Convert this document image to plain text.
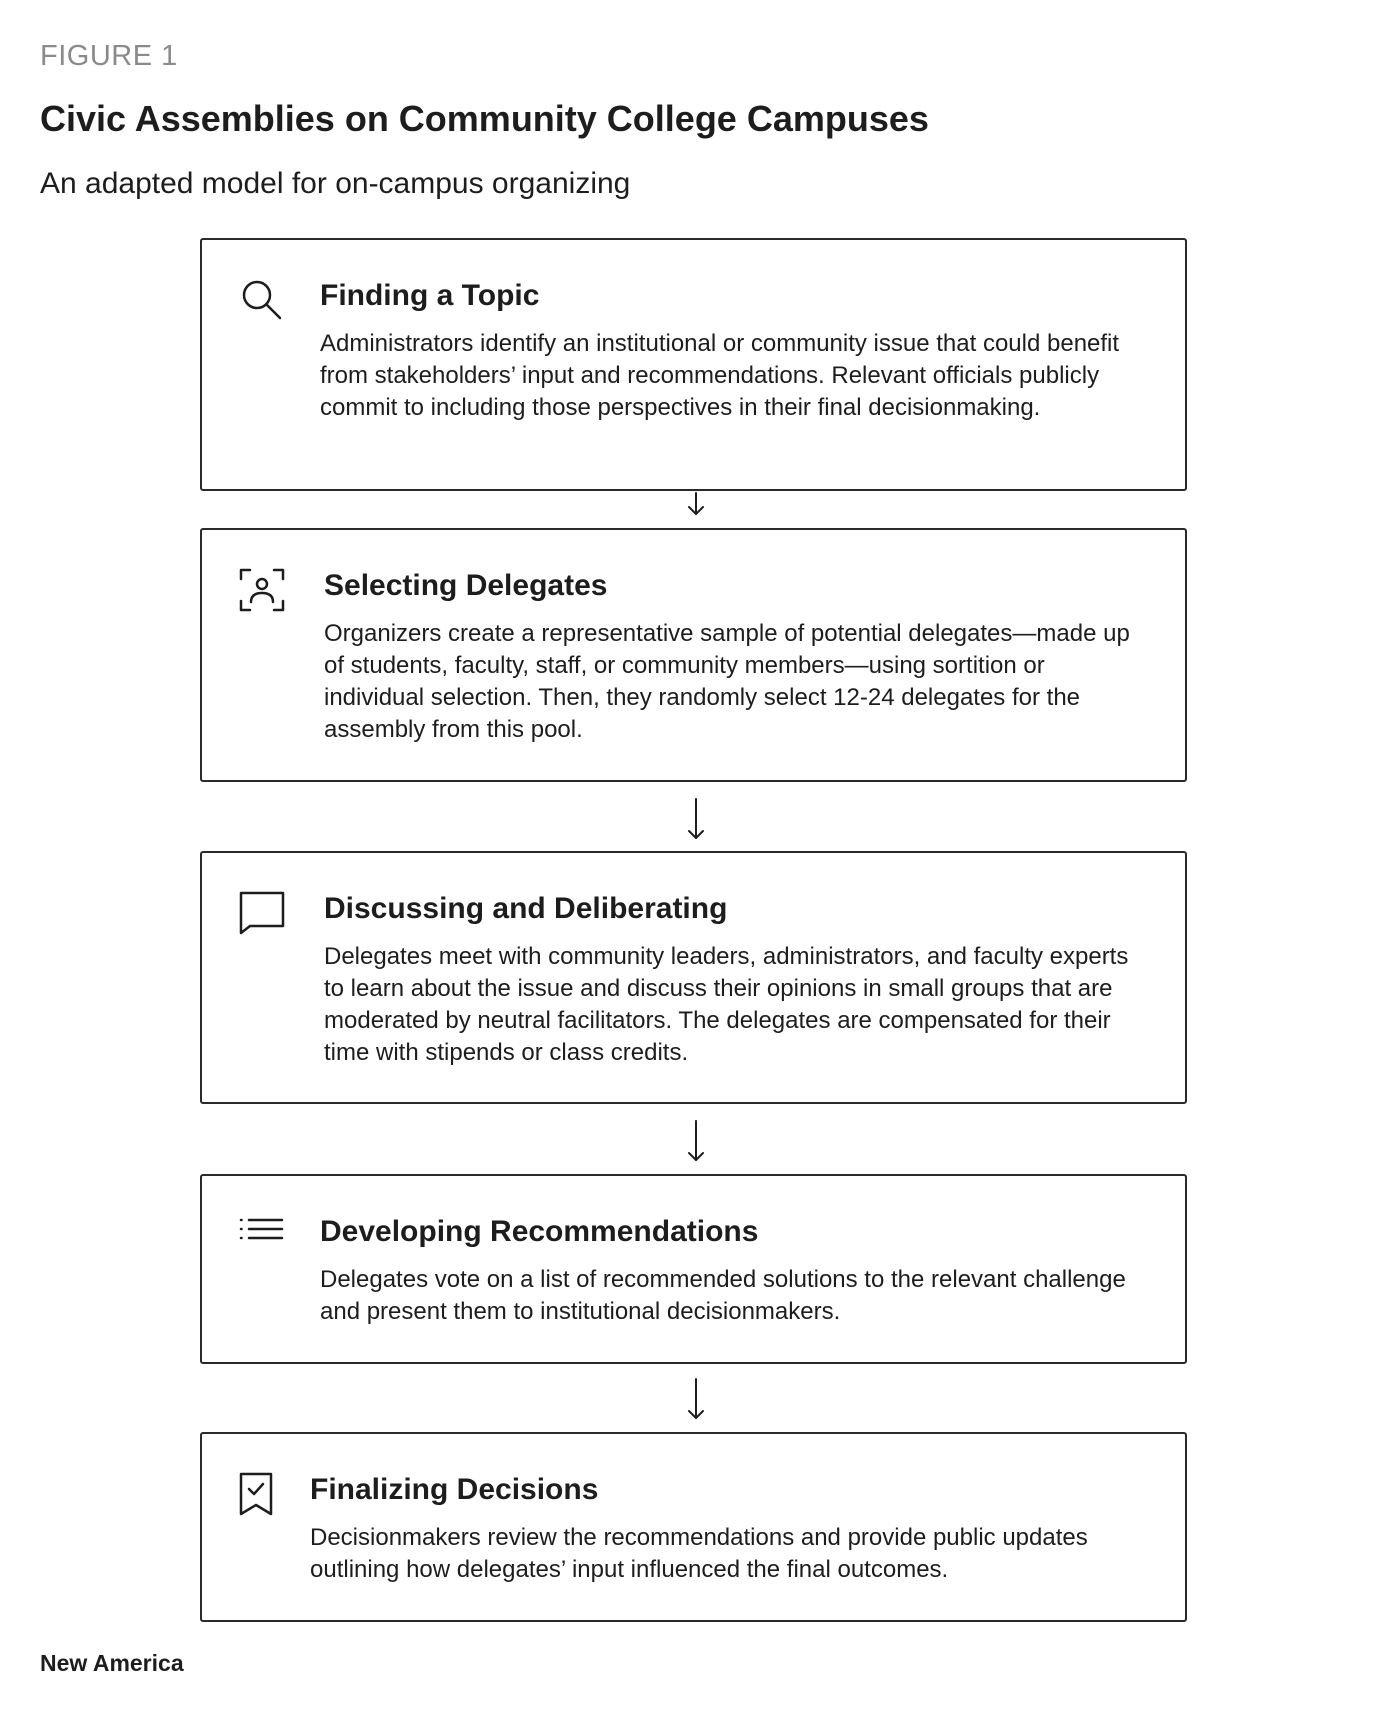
FIGURE 1
Civic Assemblies on Community College Campuses
An adapted model for on-campus organizing
Finding a Topic

Administrators identify an institutional or community issue that could benefit from stakeholders’ input and recommendations. Relevant officials publicly commit to including those perspectives in their final decisionmaking.

Selecting Delegates

Organizers create a representative sample of potential delegates—made up of students, faculty, staff, or community members—using sortition or individual selection. Then, they randomly select 12-24 delegates for the assembly from this pool.

Discussing and Deliberating

Delegates meet with community leaders, administrators, and faculty experts to learn about the issue and discuss their opinions in small groups that are moderated by neutral facilitators. The delegates are compensated for their time with stipends or class credits.

Developing Recommendations

Delegates vote on a list of recommended solutions to the relevant challenge and present them to institutional decisionmakers.

Finalizing Decisions

Decisionmakers review the recommendations and provide public updates outlining how delegates’ input influenced the final outcomes.

New America
